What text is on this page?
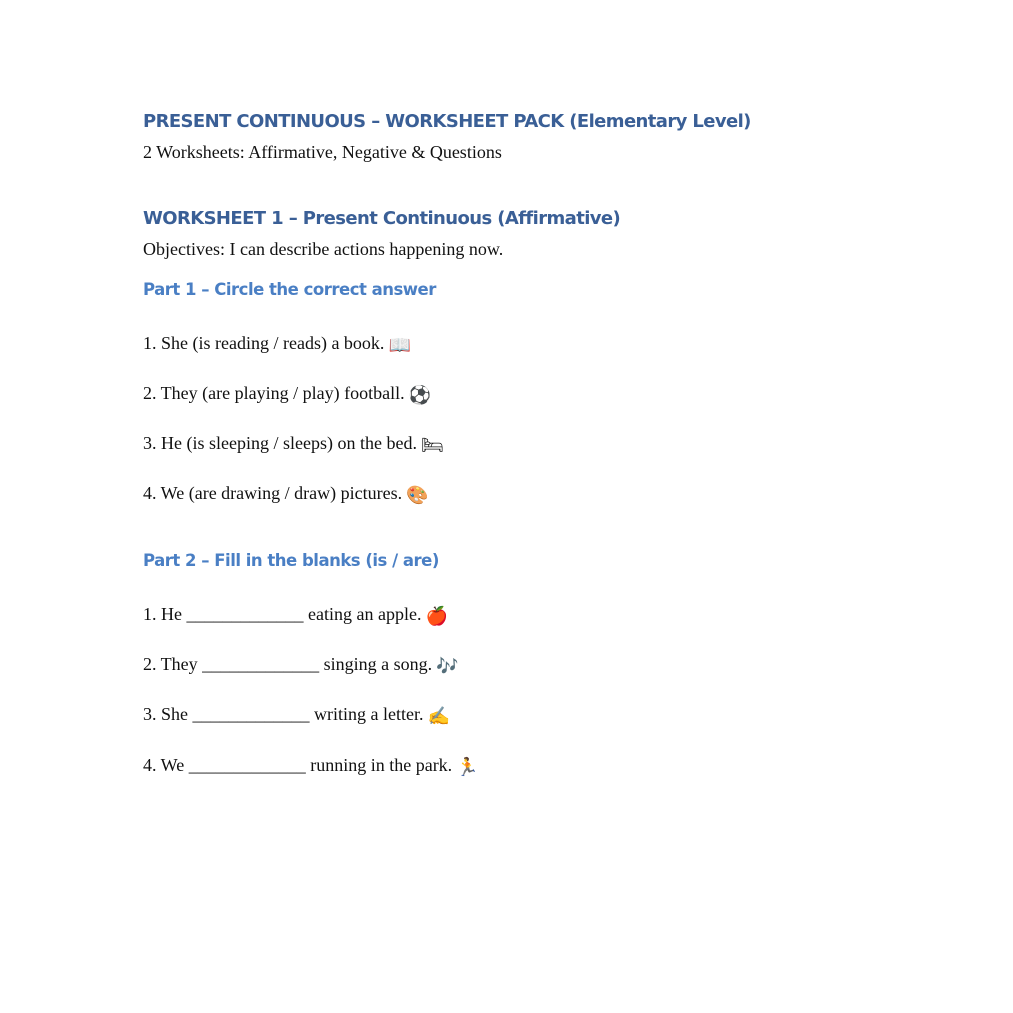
PRESENT CONTINUOUS – WORKSHEET PACK (Elementary Level)
2 Worksheets: Affirmative, Negative & Questions
WORKSHEET 1 – Present Continuous (Affirmative)
Objectives: I can describe actions happening now.
Part 1 – Circle the correct answer
1. She (is reading / reads) a book. 📖
2. They (are playing / play) football. ⚽
3. He (is sleeping / sleeps) on the bed. 🛏
4. We (are drawing / draw) pictures. 🎨
Part 2 – Fill in the blanks (is / are)
1. He _____________ eating an apple. 🍎
2. They _____________ singing a song. 🎶
3. She _____________ writing a letter. ✍
4. We _____________ running in the park. 🏃
